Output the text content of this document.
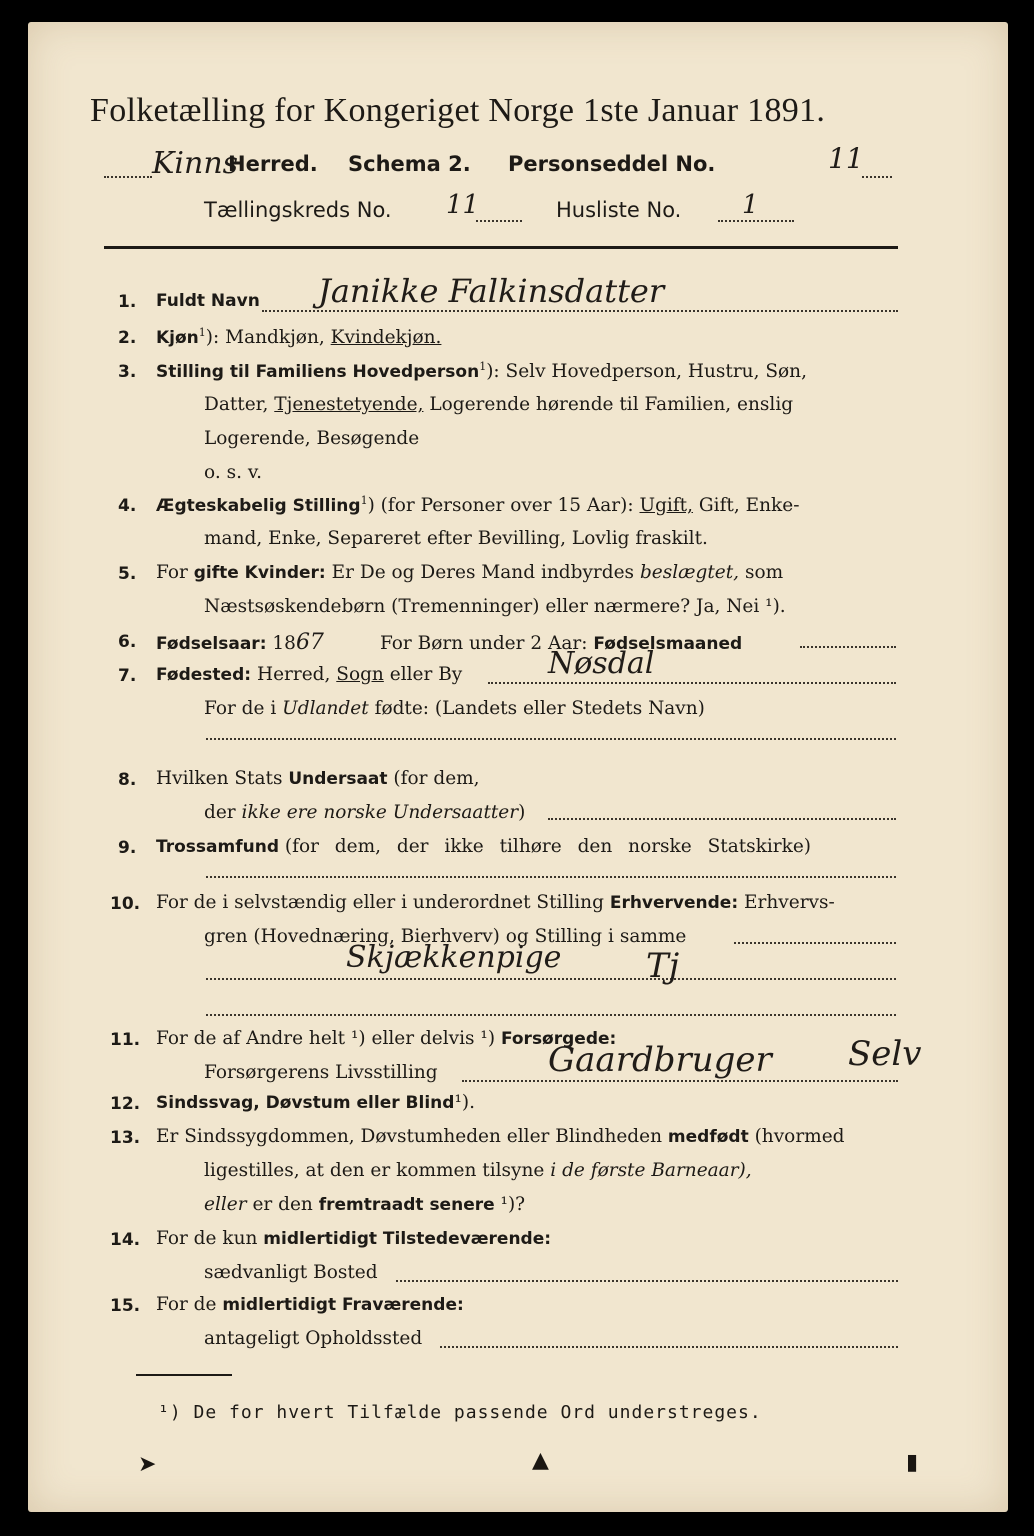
Folketælling for Kongeriget Norge 1ste Januar 1891.
Kinns
Herred. Schema 2. Personseddel No.	11
Tællingskreds No. 11	Husliste No. 1
1. Fuldt Navn Janikke Falkinsdatter
2. Kjøn$^1$): Mandkjøn, Kvindekjøn.
3. Stilling til Familiens Hovedperson$^1$): Selv Hovedperson, Hustru, Søn,
Datter, Tjenestetyende, Logerende hørende til Familien, enslig
Logerende, Besøgende
o. s. v.
4. Ægteskabelig Stilling$^1$) (for Personer over 15 Aar): Ugift, Gift, Enke-
mand, Enke, Separeret efter Bevilling, Lovlig fraskilt.
5. For gifte Kvinder: Er De og Deres Mand indbyrdes beslægtet, som
Næstsøskendebørn (Tremenninger) eller nærmere? Ja, Nei ¹).
6. Fødselsaar: 1867	For Børn under 2 Aar: Fødselsmaaned
7. Fødested: Herred, Sogn eller By	Nøsdal
For de i Udlandet fødte: (Landets eller Stedets Navn)
8. Hvilken Stats Undersaat (for dem,
der ikke ere norske Undersaatter)
9. Trossamfund (for dem, der ikke tilhøre den norske Statskirke)
10. For de i selvstændig eller i underordnet Stilling Erhvervende: Erhvervs-
gren (Hovednæring, Bierhverv) og Stilling i samme
Skjækkenpige Tj
11. For de af Andre helt ¹) eller delvis ¹) Forsørgede:
Forsørgerens Livsstilling	Gaardbruger Selv
12. Sindssvag, Døvstum eller Blind¹).
13. Er Sindssygdommen, Døvstumheden eller Blindheden medfødt (hvormed
ligestilles, at den er kommen tilsyne i de første Barneaar),
eller er den fremtraadt senere ¹)?
14. For de kun midlertidigt Tilstedeværende:
sædvanligt Bosted
15. For de midlertidigt Fraværende:
antageligt Opholdssted
¹) De for hvert Tilfælde passende Ord understreges.
➤	▲	▮
